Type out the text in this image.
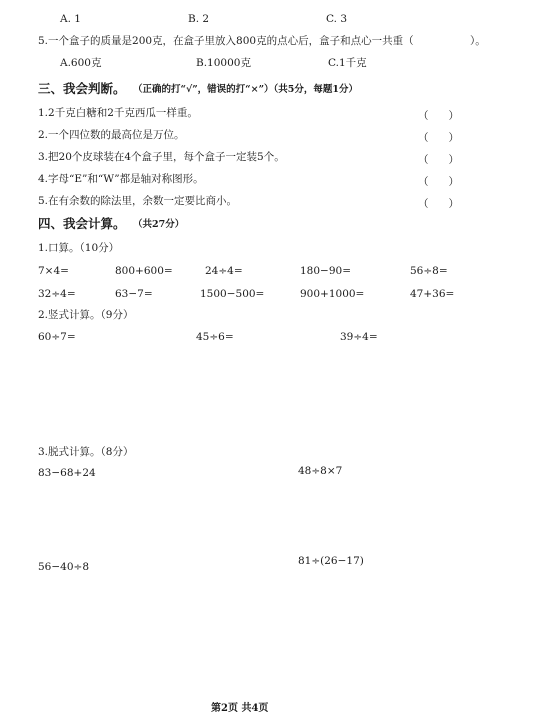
A. 1	B. 2	C. 3
5.一个盒子的质量是200克，在盒子里放入800克的点心后，盒子和点心一共重（	）。
A.600克	B.10000克	C.1千克
三、我会判断。 （正确的打“√”，错误的打“×”）（共5分，每题1分）
1.2千克白糖和2千克西瓜一样重。	（ ）
2.一个四位数的最高位是万位。	（ ）
3.把20个皮球装在4个盒子里，每个盒子一定装5个。	（ ）
4.字母“E”和“W”都是轴对称图形。	（ ）
5.在有余数的除法里，余数一定要比商小。	（ ）
四、我会计算。 （共27分）
1.口算。（10分）
7×4=	800+600=	24÷4=	180−90=	56÷8=
32÷4=	63−7=	1500−500=	900+1000=	47+36=
2.竖式计算。（9分）
60÷7=	45÷6=	39÷4=
3.脱式计算。（8分）
83−68+24	48÷8×7
56−40÷8	81÷(26−17)
第2页 共4页
